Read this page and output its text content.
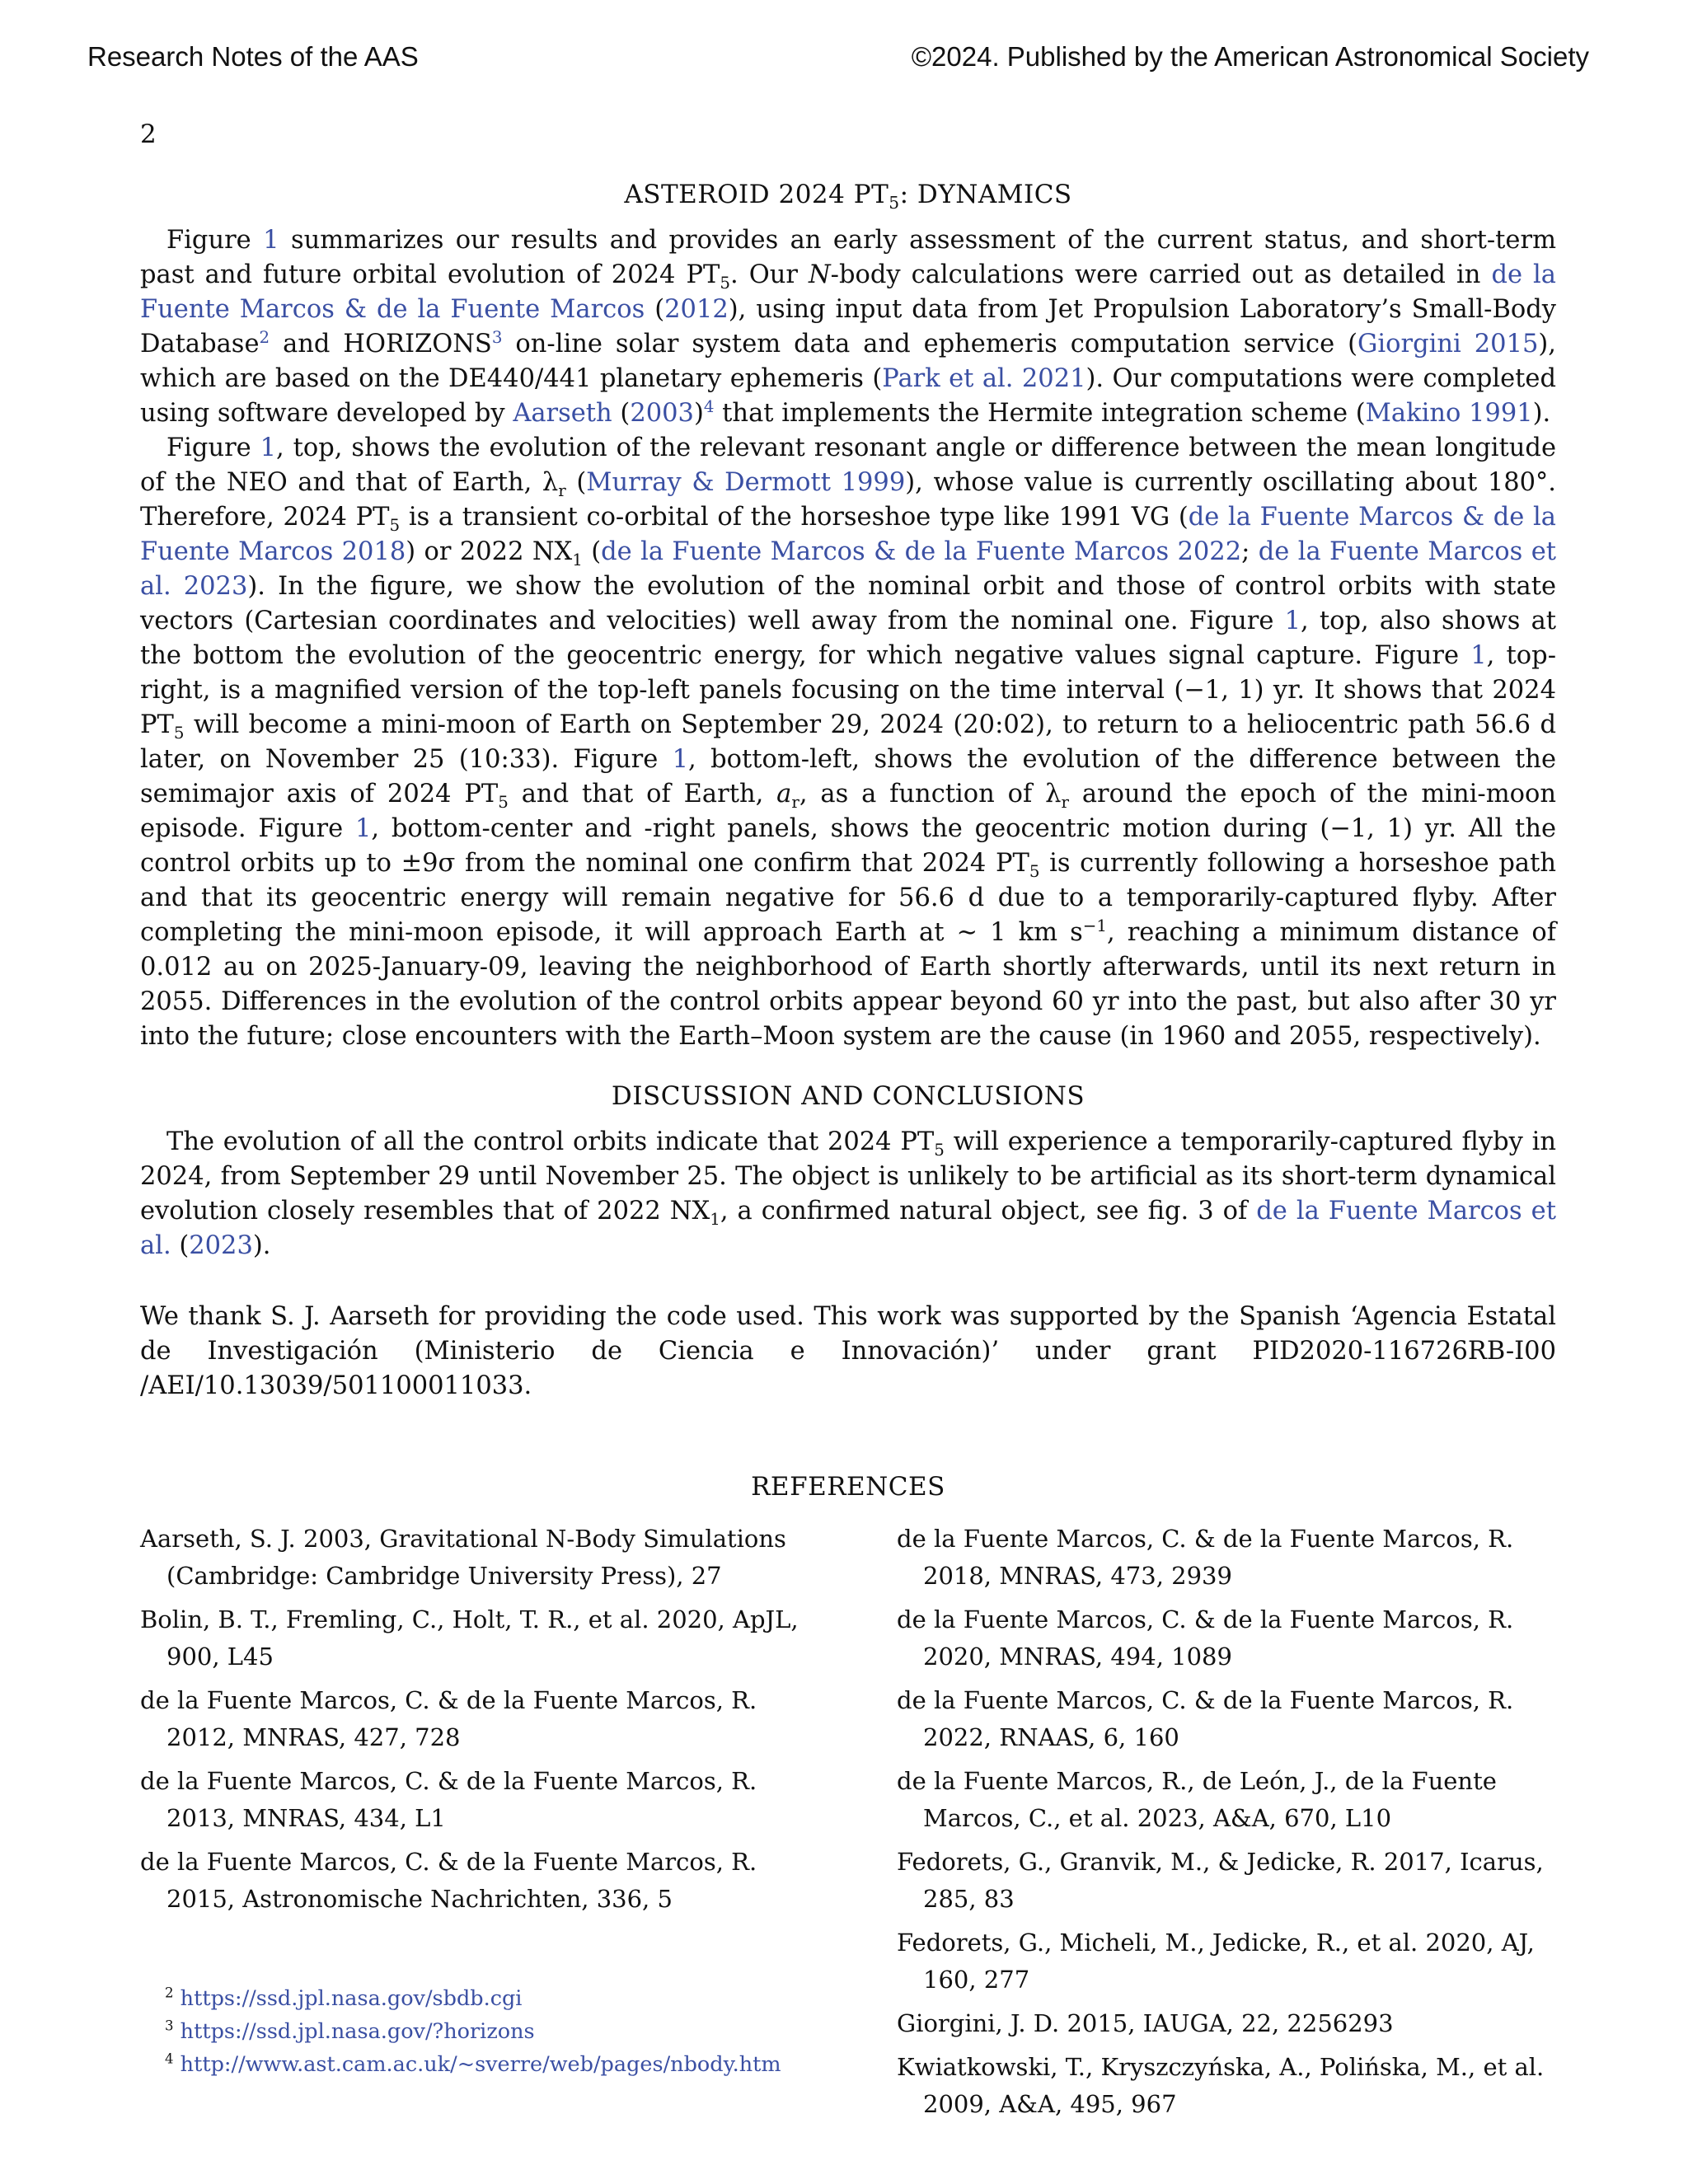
Research Notes of the AAS	©2024. Published by the American Astronomical Society
2
ASTEROID 2024 $PT_5$: DYNAMICS

Figure 1 summarizes our results and provides an early assessment of the current status, and short-term past and future orbital evolution of 2024 $PT_5$. Our N-body calculations were carried out as detailed in de la Fuente Marcos & de la Fuente Marcos (2012), using input data from Jet Propulsion Laboratory’s Small-Body Database$^2$ and HORIZONS$^3$ on-line solar system data and ephemeris computation service (Giorgini 2015), which are based on the DE440/441 planetary ephemeris (Park et al. 2021). Our computations were completed using software developed by Aarseth $(2003)^4$ that implements the Hermite integration scheme (Makino 1991).

Figure 1, top, shows the evolution of the relevant resonant angle or difference between the mean longitude of the NEO and that of Earth, $\lambda_r$ (Murray & Dermott 1999), whose value is currently oscillating about 180°. Therefore, 2024 $PT_5$ is a transient co-orbital of the horseshoe type like 1991 VG (de la Fuente Marcos & de la Fuente Marcos 2018) or 2022 $NX_1$ (de la Fuente Marcos & de la Fuente Marcos 2022; de la Fuente Marcos et al. 2023). In the figure, we show the evolution of the nominal orbit and those of control orbits with state vectors (Cartesian coordinates and velocities) well away from the nominal one. Figure 1, top, also shows at the bottom the evolution of the geocentric energy, for which negative values signal capture. Figure 1, top-right, is a magnified version of the top-left panels focusing on the time interval (−1, 1) yr. It shows that 2024 $PT_5$ will become a mini-moon of Earth on September 29, 2024 (20:02), to return to a heliocentric path 56.6 d later, on November 25 (10:33). Figure 1, bottom-left, shows the evolution of the difference between the semimajor axis of 2024 $PT_5$ and that of Earth, $a_r$, as a function of $\lambda_r$ around the epoch of the mini-moon episode. Figure 1, bottom-center and -right panels, shows the geocentric motion during (−1, 1) yr. All the control orbits up to ±9σ from the nominal one confirm that 2024 $PT_5$ is currently following a horseshoe path and that its geocentric energy will remain negative for 56.6 d due to a temporarily-captured flyby. After completing the mini-moon episode, it will approach Earth at ∼ 1 km $s^{-1}$, reaching a minimum distance of 0.012 au on 2025-January-09, leaving the neighborhood of Earth shortly afterwards, until its next return in 2055. Differences in the evolution of the control orbits appear beyond 60 yr into the past, but also after 30 yr into the future; close encounters with the Earth–Moon system are the cause (in 1960 and 2055, respectively).

DISCUSSION AND CONCLUSIONS

The evolution of all the control orbits indicate that 2024 $PT_5$ will experience a temporarily-captured flyby in 2024, from September 29 until November 25. The object is unlikely to be artificial as its short-term dynamical evolution closely resembles that of 2022 $NX_1$, a confirmed natural object, see fig. 3 of de la Fuente Marcos et al. (2023).

We thank S. J. Aarseth for providing the code used. This work was supported by the Spanish ‘Agencia Estatal de Investigación (Ministerio de Ciencia e Innovación)’ under grant PID2020-116726RB-I00 /AEI/10.13039/501100011033.

REFERENCES
Aarseth, S. J. 2003, Gravitational N-Body Simulations (Cambridge: Cambridge University Press), 27
Bolin, B. T., Fremling, C., Holt, T. R., et al. 2020, ApJL, 900, L45
de la Fuente Marcos, C. & de la Fuente Marcos, R. 2012, MNRAS, 427, 728
de la Fuente Marcos, C. & de la Fuente Marcos, R. 2013, MNRAS, 434, L1
de la Fuente Marcos, C. & de la Fuente Marcos, R. 2015, Astronomische Nachrichten, 336, 5
$^2$ https://ssd.jpl.nasa.gov/sbdb.cgi
$^3$ https://ssd.jpl.nasa.gov/?horizons
$^4$ http://www.ast.cam.ac.uk/~sverre/web/pages/nbody.htm
de la Fuente Marcos, C. & de la Fuente Marcos, R. 2018, MNRAS, 473, 2939
de la Fuente Marcos, C. & de la Fuente Marcos, R. 2020, MNRAS, 494, 1089
de la Fuente Marcos, C. & de la Fuente Marcos, R. 2022, RNAAS, 6, 160
de la Fuente Marcos, R., de León, J., de la Fuente Marcos, C., et al. 2023, A&A, 670, L10
Fedorets, G., Granvik, M., & Jedicke, R. 2017, Icarus, 285, 83
Fedorets, G., Micheli, M., Jedicke, R., et al. 2020, AJ, 160, 277
Giorgini, J. D. 2015, IAUGA, 22, 2256293
Kwiatkowski, T., Kryszczyńska, A., Polińska, M., et al. 2009, A&A, 495, 967
